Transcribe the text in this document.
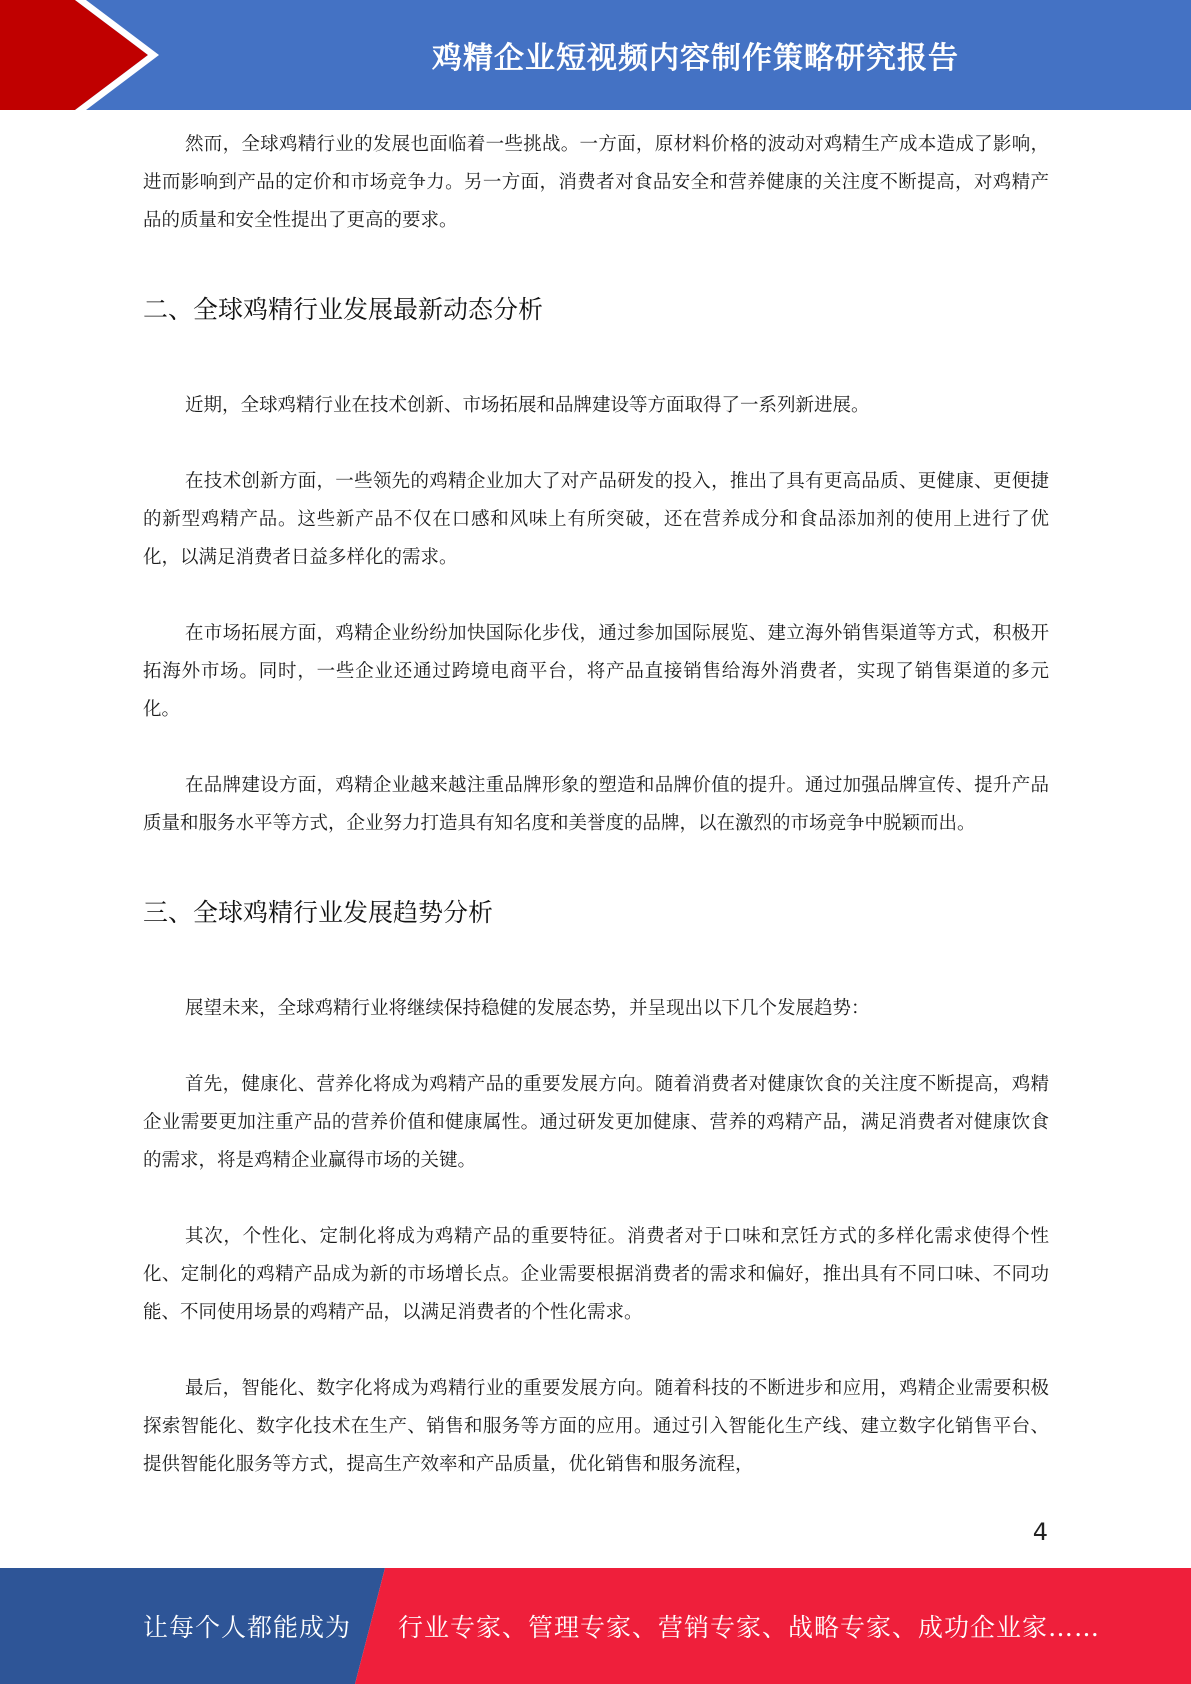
鸡精企业短视频内容制作策略研究报告

然而，全球鸡精行业的发展也面临着一些挑战。一方面，原材料价格的波动对鸡精生产成本造成了影响，进而影响到产品的定价和市场竞争力。另一方面，消费者对食品安全和营养健康的关注度不断提高，对鸡精产品的质量和安全性提出了更高的要求。

二、全球鸡精行业发展最新动态分析

近期，全球鸡精行业在技术创新、市场拓展和品牌建设等方面取得了一系列新进展。

在技术创新方面，一些领先的鸡精企业加大了对产品研发的投入，推出了具有更高品质、更健康、更便捷的新型鸡精产品。这些新产品不仅在口感和风味上有所突破，还在营养成分和食品添加剂的使用上进行了优化，以满足消费者日益多样化的需求。

在市场拓展方面，鸡精企业纷纷加快国际化步伐，通过参加国际展览、建立海外销售渠道等方式，积极开拓海外市场。同时，一些企业还通过跨境电商平台，将产品直接销售给海外消费者，实现了销售渠道的多元化。

在品牌建设方面，鸡精企业越来越注重品牌形象的塑造和品牌价值的提升。通过加强品牌宣传、提升产品质量和服务水平等方式，企业努力打造具有知名度和美誉度的品牌，以在激烈的市场竞争中脱颖而出。

三、全球鸡精行业发展趋势分析

展望未来，全球鸡精行业将继续保持稳健的发展态势，并呈现出以下几个发展趋势：

首先，健康化、营养化将成为鸡精产品的重要发展方向。随着消费者对健康饮食的关注度不断提高，鸡精企业需要更加注重产品的营养价值和健康属性。通过研发更加健康、营养的鸡精产品，满足消费者对健康饮食的需求，将是鸡精企业赢得市场的关键。

其次，个性化、定制化将成为鸡精产品的重要特征。消费者对于口味和烹饪方式的多样化需求使得个性化、定制化的鸡精产品成为新的市场增长点。企业需要根据消费者的需求和偏好，推出具有不同口味、不同功能、不同使用场景的鸡精产品，以满足消费者的个性化需求。

最后，智能化、数字化将成为鸡精行业的重要发展方向。随着科技的不断进步和应用，鸡精企业需要积极探索智能化、数字化技术在生产、销售和服务等方面的应用。通过引入智能化生产线、建立数字化销售平台、提供智能化服务等方式，提高生产效率和产品质量，优化销售和服务流程，

4
让每个人都能成为 行业专家、管理专家、营销专家、战略专家、成功企业家……
